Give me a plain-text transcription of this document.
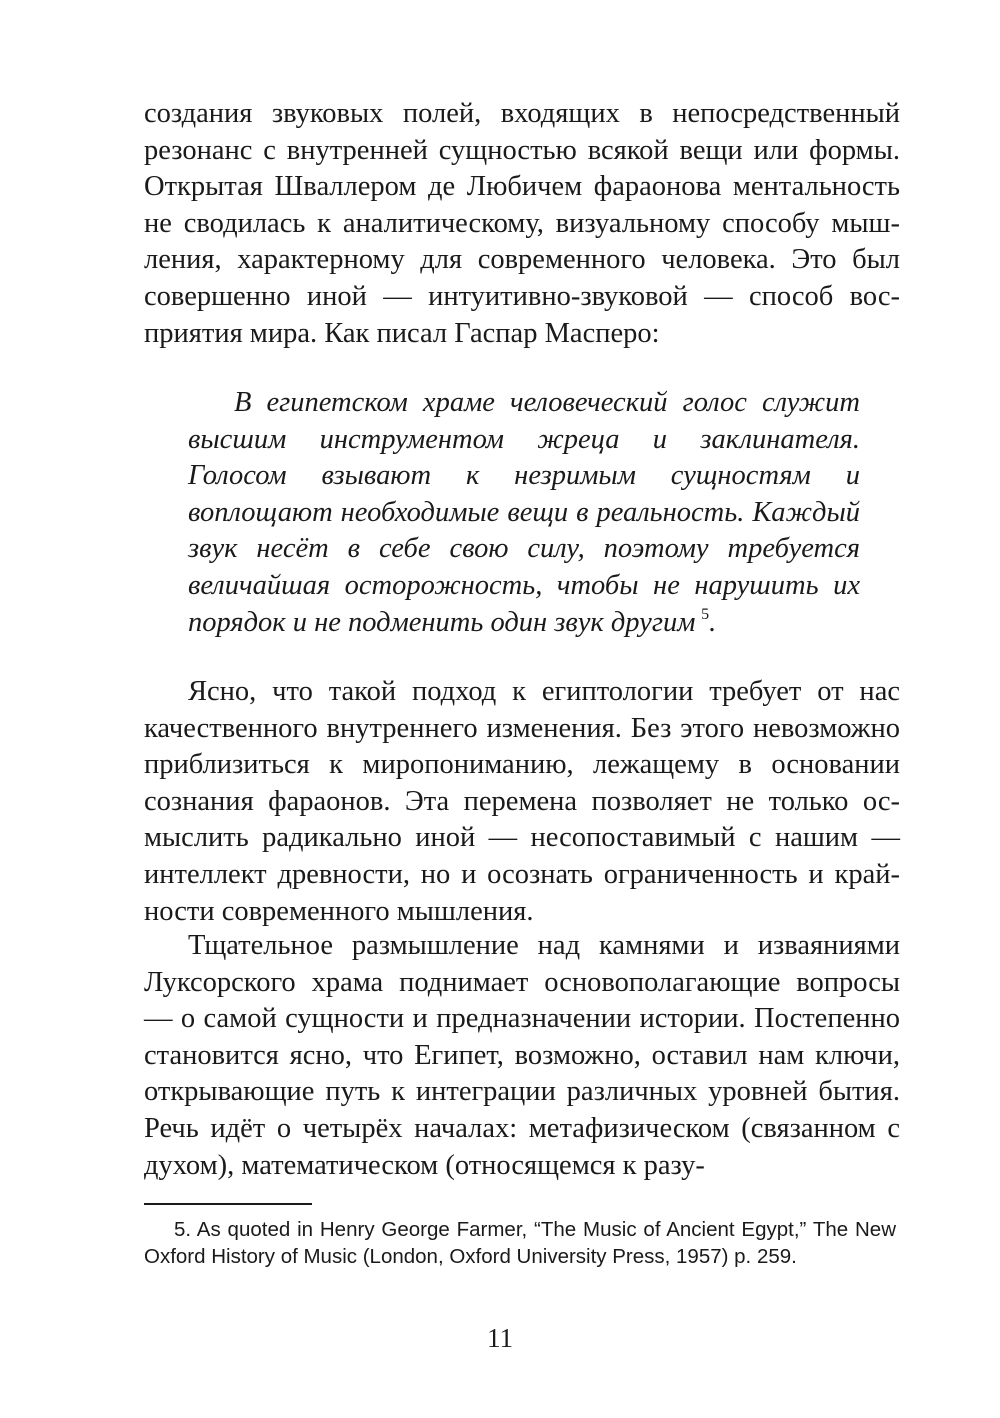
создания звуковых полей, входящих в непосредственный резонанс с внутренней сущностью всякой вещи или формы. Открытая Швaллером де Любичем фараонова ментальность не сводилась к аналитическому, визуальному способу мышления, характерному для современного человека. Это был совершенно иной — интуитивно-звуковой — способ восприятия мира. Как писал Гаспар Масперо:

В египетском храме человеческий голос служит высшим инструментом жреца и заклинателя. Голосом взывают к незримым сущностям и воплощают необходимые вещи в реальность. Каждый звук несёт в себе свою силу, поэтому требуется величайшая осторожность, чтобы не нарушить их порядок и не подменить один звук другим  $^5$.

Ясно, что такой подход к египтологии требует от нас качественного внутреннего изменения. Без этого невозможно приблизиться к миропониманию, лежащему в основании сознания фараонов. Эта перемена позволяет не только осмыслить радикально иной — несопоставимый с нашим — интеллект древности, но и осознать ограниченность и крайности современного мышления.

Тщательное размышление над камнями и изваяниями Луксорского храма поднимает основополагающие вопросы — о самой сущности и предназначении истории. Постепенно становится ясно, что Египет, возможно, оставил нам ключи, открывающие путь к интеграции различных уровней бытия. Речь идёт о четырёх началах: метафизическом (связанном с духом), математическом (относящемся к разу-

5. As quoted in Henry George Farmer, “The Music of Ancient Egypt,” The New Oxford History of Music (London, Oxford University Press, 1957) p. 259.

11
